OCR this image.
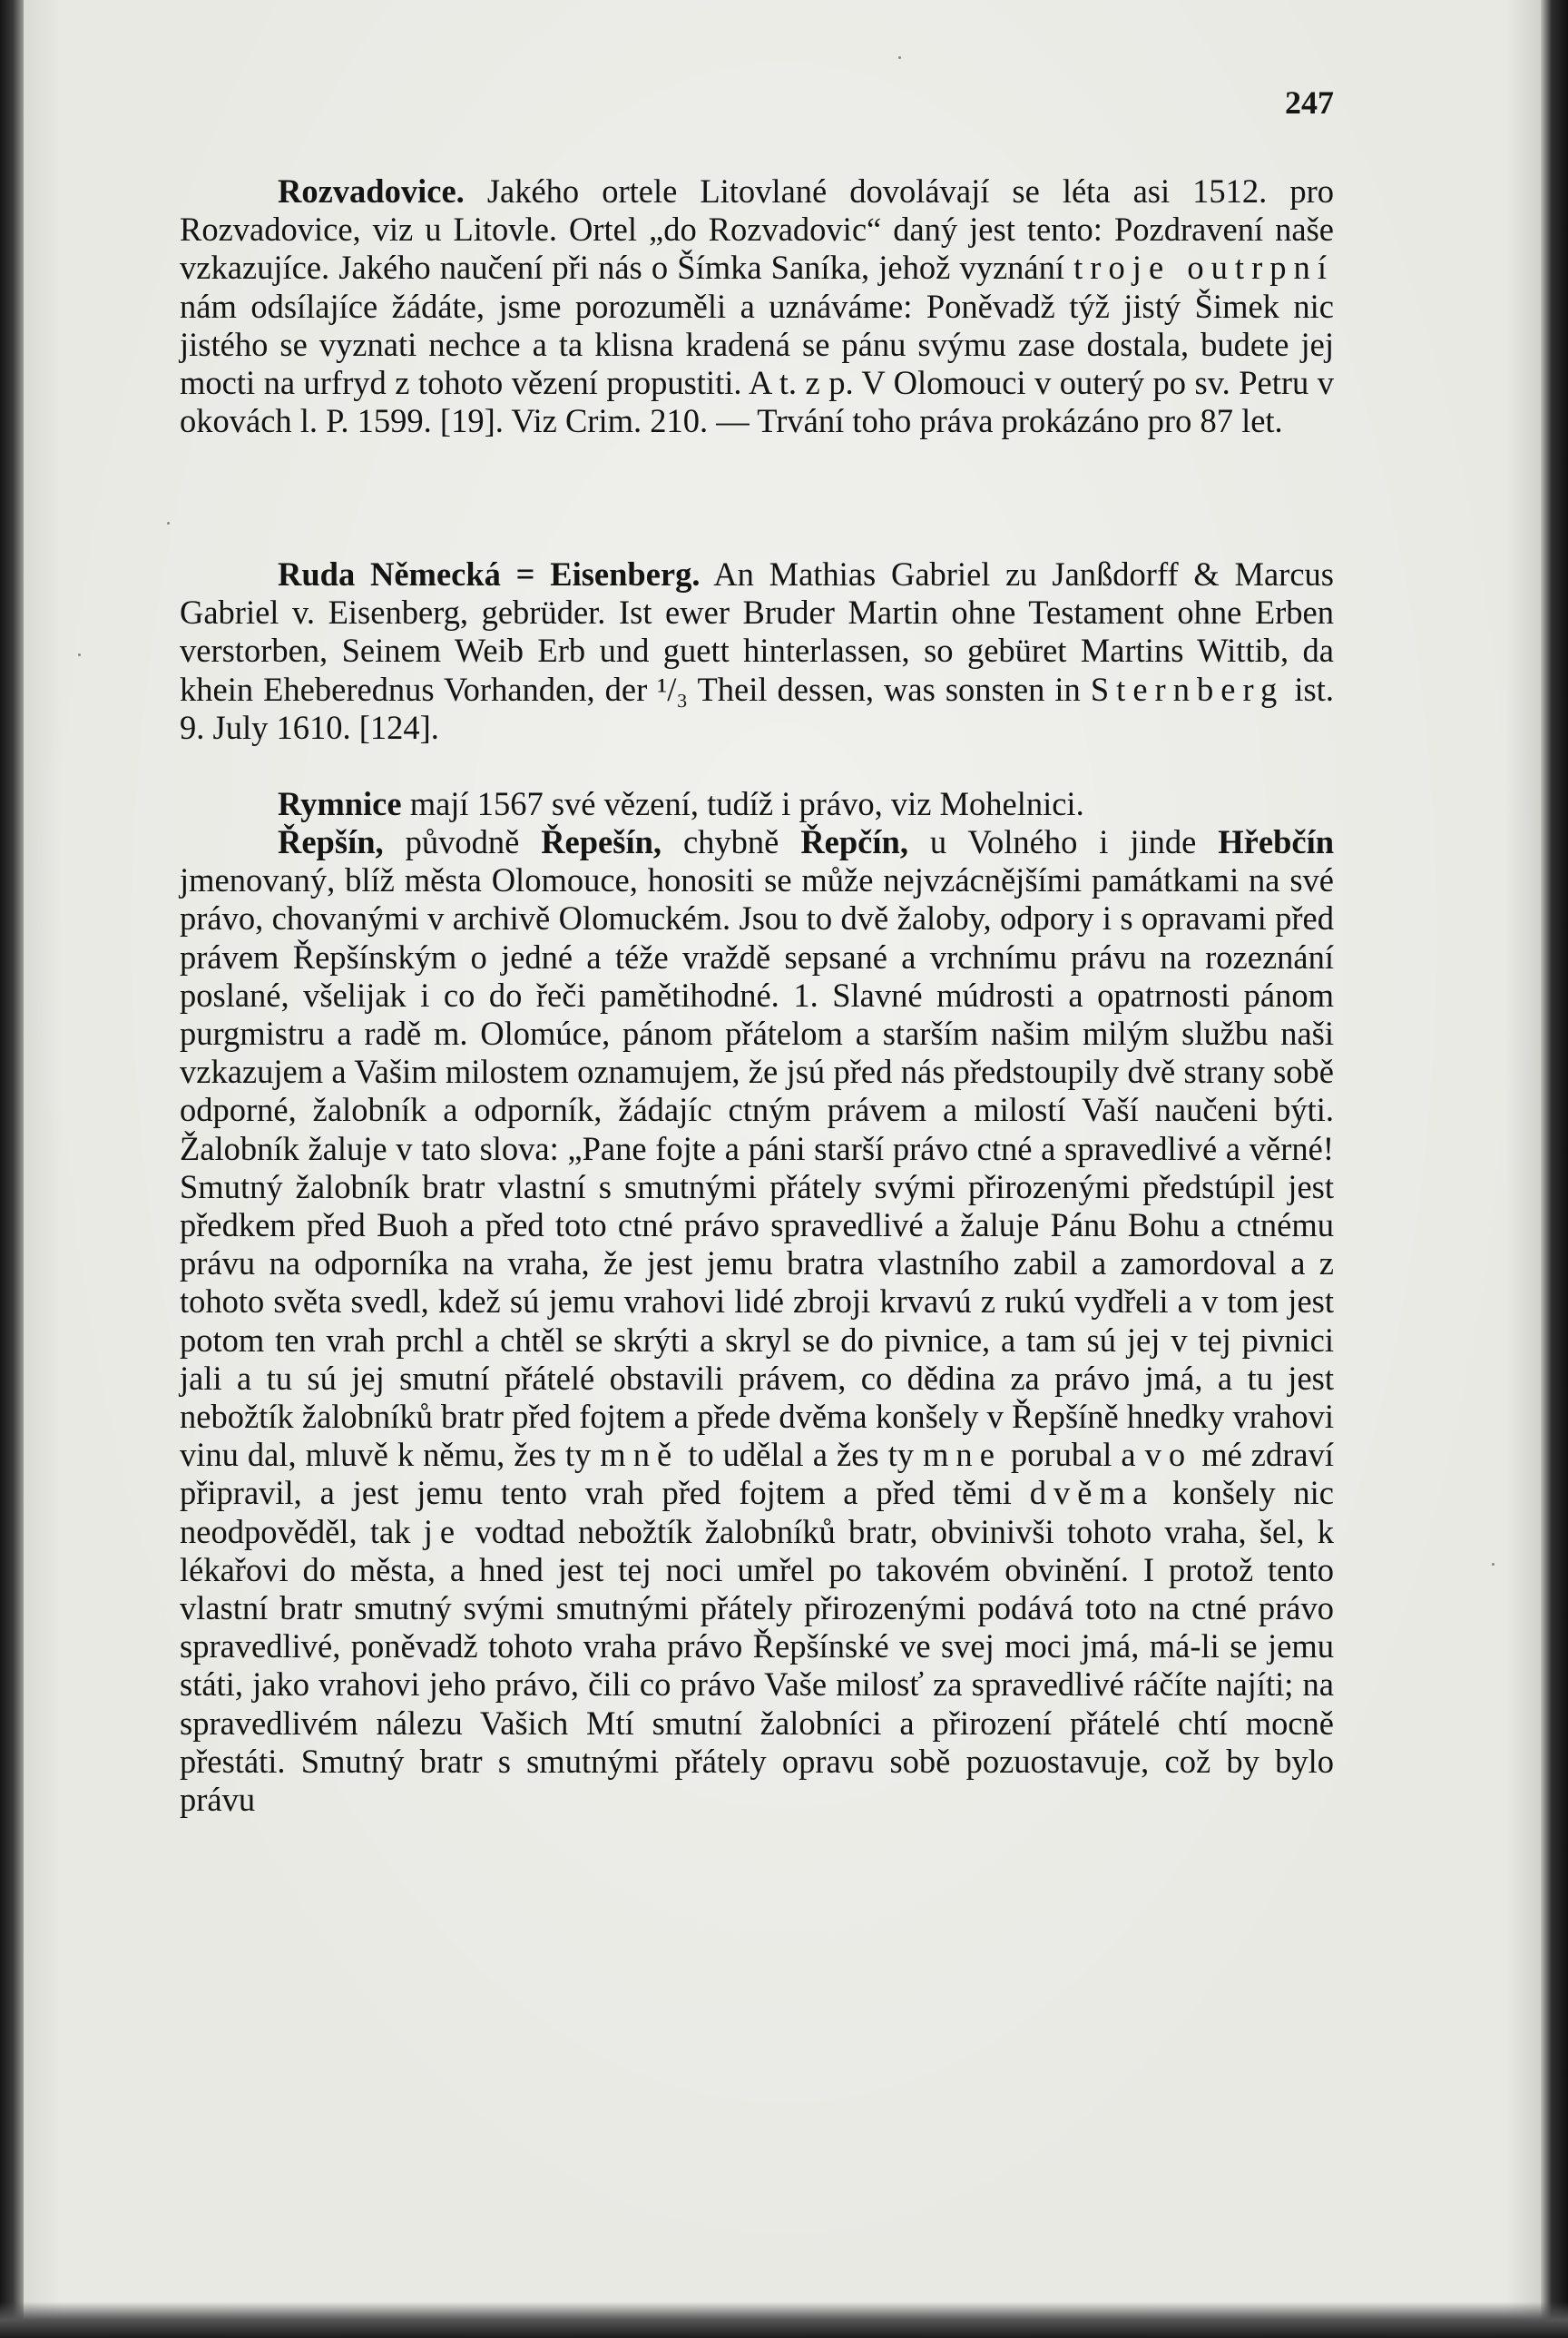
247

Rozvadovice. Jakého ortele Litovlané dovolávají se léta asi 1512. pro Rozvadovice, viz u Litovle. Ortel „do Rozvadovic“ daný jest tento: Pozdravení naše vzkazujíce. Jakého naučení při nás o Šímka Saníka, jehož vyznání troje outrpní nám odsílajíce žádáte, jsme porozuměli a uznáváme: Poněvadž týž jistý Šimek nic jistého se vyznati nechce a ta klisna kradená se pánu svýmu zase dostala, budete jej mocti na urfryd z tohoto vězení propustiti. A t. z p. V Olomouci v outerý po sv. Petru v okovách l. P. 1599. [19]. Viz Crim. 210. — Trvání toho práva prokázáno pro 87 let.

Ruda Německá = Eisenberg. An Mathias Gabriel zu Janßdorff & Marcus Gabriel v. Eisenberg, gebrüder. Ist ewer Bruder Martin ohne Testament ohne Erben verstorben, Seinem Weib Erb und guett hinterlassen, so gebüret Martins Wittib, da khein Eheberednus Vorhanden, der ¹/₃ Theil dessen, was sonsten in Sternberg ist. 9. July 1610. [124].

Rymnice mají 1567 své vězení, tudíž i právo, viz Mohelnici.

Řepšín, původně Řepešín, chybně Řepčín, u Volného i jinde Hřebčín jmenovaný, blíž města Olomouce, honositi se může nejvzácnějšími památkami na své právo, chovanými v archivě Olomuckém. Jsou to dvě žaloby, odpory i s opravami před právem Řepšínským o jedné a téže vraždě sepsané a vrchnímu právu na rozeznání poslané, všelijak i co do řeči pamětihodné. 1. Slavné múdrosti a opatrnosti pánom purgmistru a radě m. Olomúce, pánom přátelom a starším našim milým službu naši vzkazujem a Vašim milostem oznamujem, že jsú před nás předstoupily dvě strany sobě odporné, žalobník a odporník, žádajíc ctným právem a milostí Vaší naučeni býti. Žalobník žaluje v tato slova: „Pane fojte a páni starší právo ctné a spravedlivé a věrné! Smutný žalobník bratr vlastní s smutnými přátely svými přirozenými předstúpil jest předkem před Buoh a před toto ctné právo spravedlivé a žaluje Pánu Bohu a ctnému právu na odporníka na vraha, že jest jemu bratra vlastního zabil a zamordoval a z tohoto světa svedl, kdež sú jemu vrahovi lidé zbroji krvavú z rukú vydřeli a v tom jest potom ten vrah prchl a chtěl se skrýti a skryl se do pivnice, a tam sú jej v tej pivnici jali a tu sú jej smutní přátelé obstavili právem, co dědina za právo jmá, a tu jest nebožtík žalobníků bratr před fojtem a přede dvěma konšely v Řepšíně hnedky vrahovi vinu dal, mluvě k němu, žes ty mně to udělal a žes ty mne porubal a vo mé zdraví připravil, a jest jemu tento vrah před fojtem a před těmi dvěma konšely nic neodpověděl, tak je vodtad nebožtík žalobníků bratr, obvinivši tohoto vraha, šel, k lékařovi do města, a hned jest tej noci umřel po takovém obvinění. I protož tento vlastní bratr smutný svými smutnými přátely přirozenými podává toto na ctné právo spravedlivé, poněvadž tohoto vraha právo Řepšínské ve svej moci jmá, má-li se jemu státi, jako vrahovi jeho právo, čili co právo Vaše milosť za spravedlivé ráčíte najíti; na spravedlivém nálezu Vašich Mtí smutní žalobníci a přirození přátelé chtí mocně přestáti. Smutný bratr s smutnými přátely opravu sobě pozuostavuje, což by bylo právu
